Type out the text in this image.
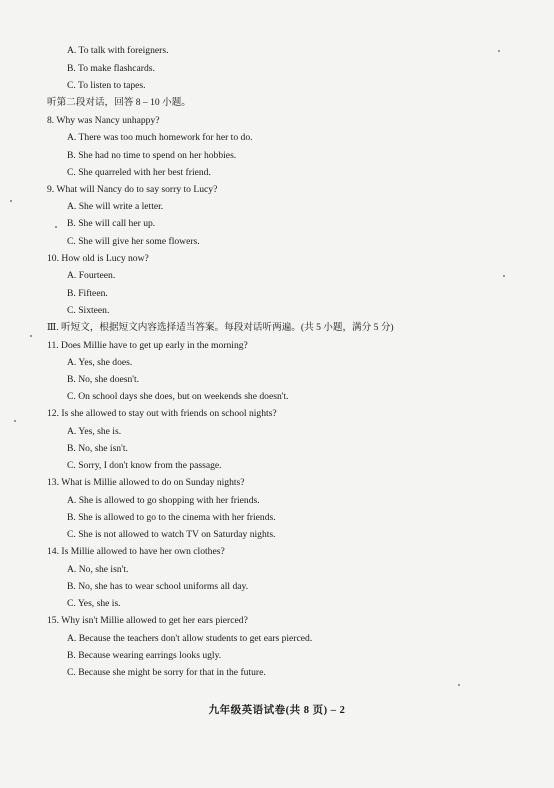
A. To talk with foreigners.
B. To make flashcards.
C. To listen to tapes.
听第二段对话，回答 8 – 10 小题。
8. Why was Nancy unhappy?
A. There was too much homework for her to do.
B. She had no time to spend on her hobbies.
C. She quarreled with her best friend.
9. What will Nancy do to say sorry to Lucy?
A. She will write a letter.
B. She will call her up.
C. She will give her some flowers.
10. How old is Lucy now?
A. Fourteen.
B. Fifteen.
C. Sixteen.
Ⅲ. 听短文，根据短文内容选择适当答案。每段对话听两遍。(共 5 小题，满分 5 分)
11. Does Millie have to get up early in the morning?
A. Yes, she does.
B. No, she doesn't.
C. On school days she does, but on weekends she doesn't.
12. Is she allowed to stay out with friends on school nights?
A. Yes, she is.
B. No, she isn't.
C. Sorry, I don't know from the passage.
13. What is Millie allowed to do on Sunday nights?
A. She is allowed to go shopping with her friends.
B. She is allowed to go to the cinema with her friends.
C. She is not allowed to watch TV on Saturday nights.
14. Is Millie allowed to have her own clothes?
A. No, she isn't.
B. No, she has to wear school uniforms all day.
C. Yes, she is.
15. Why isn't Millie allowed to get her ears pierced?
A. Because the teachers don't allow students to get ears pierced.
B. Because wearing earrings looks ugly.
C. Because she might be sorry for that in the future.
九年级英语试卷(共 8 页) – 2
